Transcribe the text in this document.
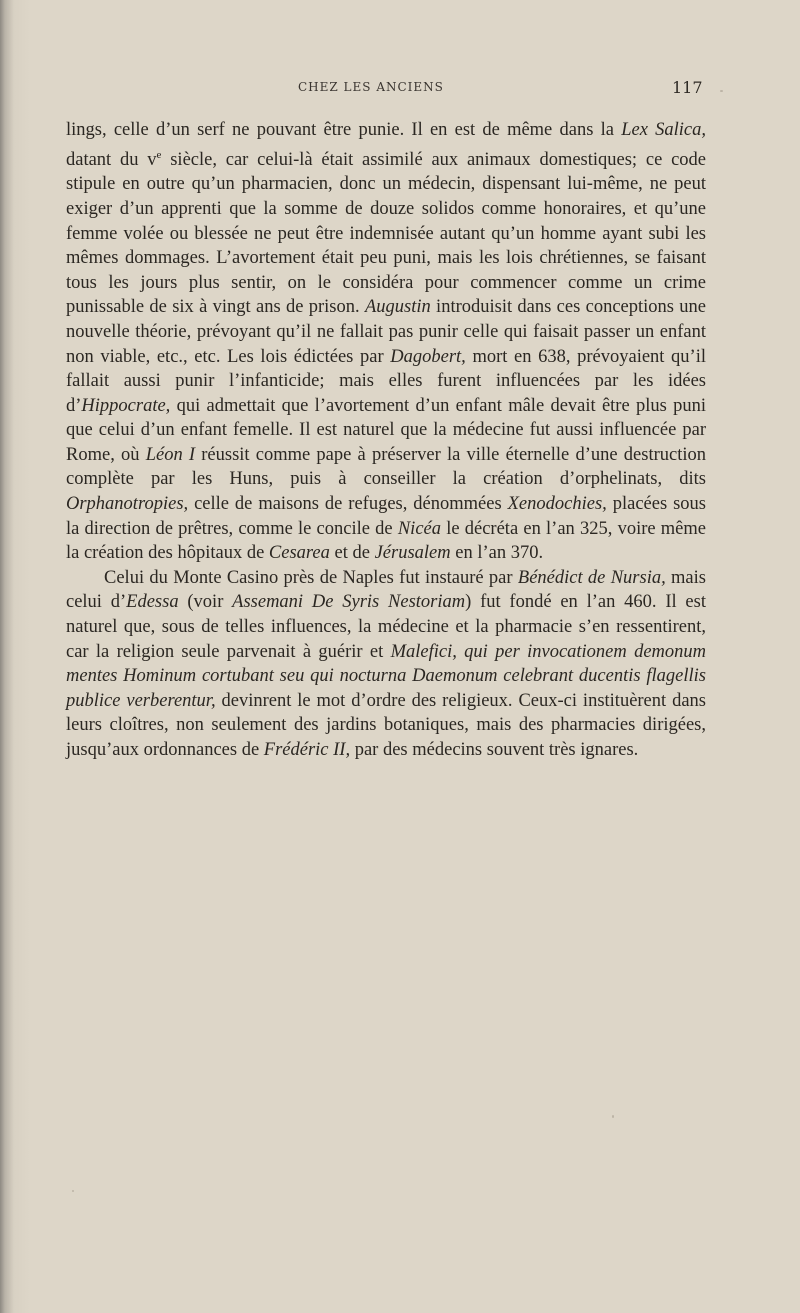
CHEZ LES ANCIENS	117

lings, celle d’un serf ne pouvant être punie. Il en est de même dans la Lex Salica, datant du $v^e$ siècle, car celui-là était assimilé aux animaux domestiques; ce code stipule en outre qu’un pharmacien, donc un médecin, dispensant lui-même, ne peut exiger d’un apprenti que la somme de douze solidos comme honoraires, et qu’une femme volée ou blessée ne peut être indemnisée autant qu’un homme ayant subi les mêmes dommages. L’avortement était peu puni, mais les lois chrétiennes, se faisant tous les jours plus sentir, on le considéra pour commencer comme un crime punissable de six à vingt ans de prison. Augustin introduisit dans ces conceptions une nouvelle théorie, prévoyant qu’il ne fallait pas punir celle qui faisait passer un enfant non viable, etc., etc. Les lois édictées par Dagobert, mort en 638, prévoyaient qu’il fallait aussi punir l’infanticide; mais elles furent influencées par les idées d’Hippocrate, qui admettait que l’avortement d’un enfant mâle devait être plus puni que celui d’un enfant femelle. Il est naturel que la médecine fut aussi influencée par Rome, où Léon I réussit comme pape à préserver la ville éternelle d’une destruction complète par les Huns, puis à conseiller la création d’orphelinats, dits Orphanotropies, celle de maisons de refuges, dénommées Xenodochies, placées sous la direction de prêtres, comme le concile de Nicéa le décréta en l’an 325, voire même la création des hôpitaux de Cesarea et de Jérusalem en l’an 370.

Celui du Monte Casino près de Naples fut instauré par Bénédict de Nursia, mais celui d’Edessa (voir Assemani De Syris Nestoriam) fut fondé en l’an 460. Il est naturel que, sous de telles influences, la médecine et la pharmacie s’en ressentirent, car la religion seule parvenait à guérir et Malefici, qui per invocationem demonum mentes Hominum cortubant seu qui nocturna Daemonum celebrant ducentis flagellis publice verberentur, devinrent le mot d’ordre des religieux. Ceux-ci instituèrent dans leurs cloîtres, non seulement des jardins botaniques, mais des pharmacies dirigées, jusqu’aux ordonnances de Frédéric II, par des médecins souvent très ignares.
